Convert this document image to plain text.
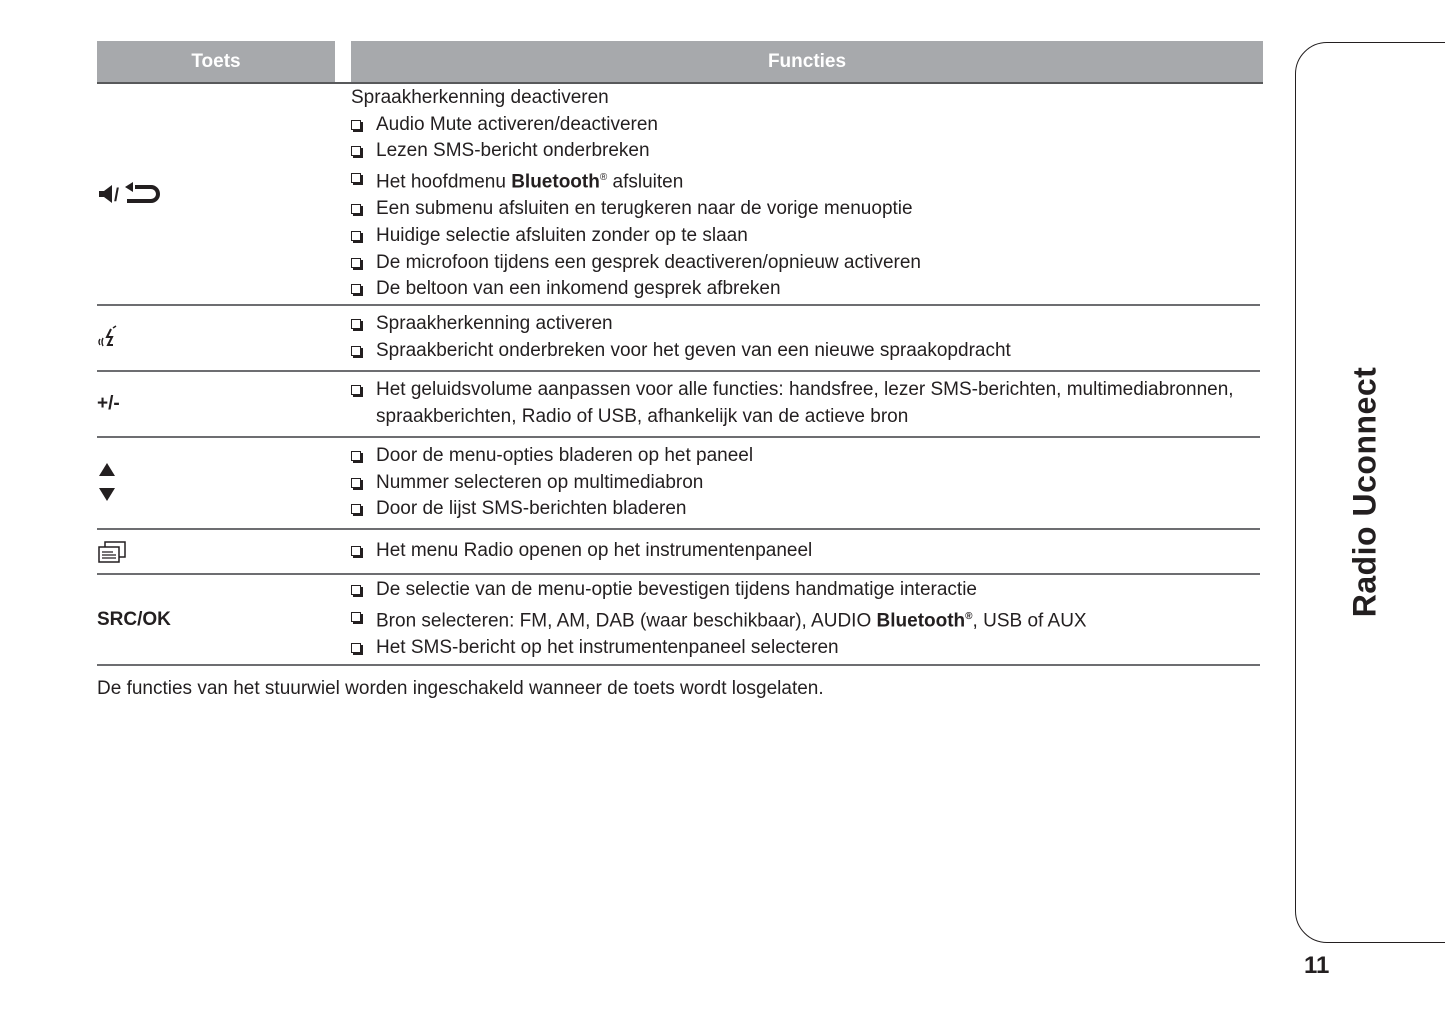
Toets	Functies
/
Spraakherkenning deactiveren
Audio Mute activeren/deactiveren
Lezen SMS-bericht onderbreken
Het hoofdmenu Bluetooth® afsluiten
Een submenu afsluiten en terugkeren naar de vorige menuoptie
Huidige selectie afsluiten zonder op te slaan
De microfoon tijdens een gesprek deactiveren/opnieuw activeren
De beltoon van een inkomend gesprek afbreken
Spraakherkenning activeren
Spraakbericht onderbreken voor het geven van een nieuwe spraakopdracht
+/-
Het geluidsvolume aanpassen voor alle functies: handsfree, lezer SMS-berichten, multimediabronnen, spraakberichten, Radio of USB, afhankelijk van de actieve bron
Door de menu-opties bladeren op het paneel
Nummer selecteren op multimediabron
Door de lijst SMS-berichten bladeren
Het menu Radio openen op het instrumentenpaneel
SRC/OK
De selectie van de menu-optie bevestigen tijdens handmatige interactie
Bron selecteren: FM, AM, DAB (waar beschikbaar), AUDIO Bluetooth®, USB of AUX
Het SMS-bericht op het instrumentenpaneel selecteren
De functies van het stuurwiel worden ingeschakeld wanneer de toets wordt losgelaten.
Radio Uconnect
11
